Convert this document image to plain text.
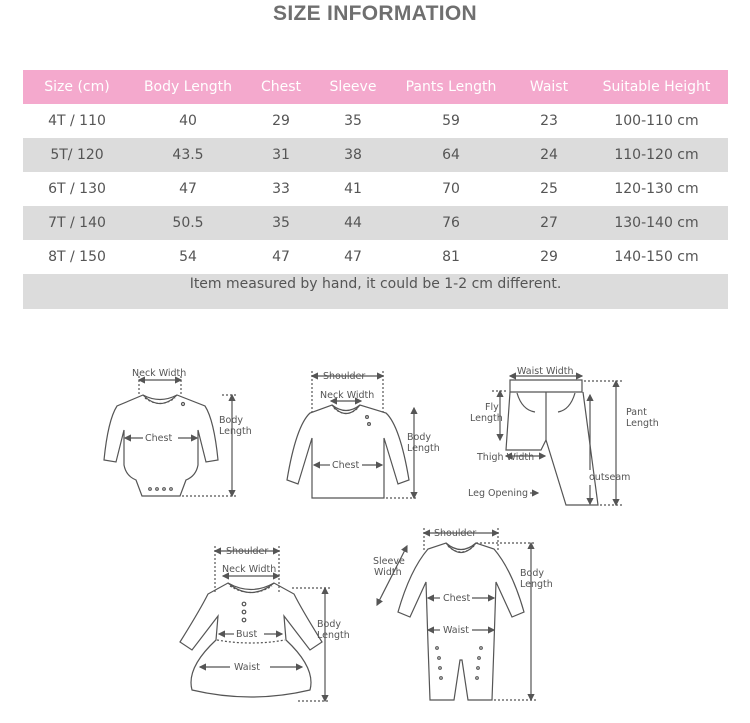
SIZE INFORMATION
Size (cm)	Body Length	Chest	Sleeve	Pants Length	Waist	Suitable Height
4T / 110	40	29	35	59	23	100-110 cm
5T/ 120	43.5	31	38	64	24	110-120 cm
6T / 130	47	33	41	70	25	120-130 cm
7T / 140	50.5	35	44	76	27	130-140 cm
8T / 150	54	47	47	81	29	140-150 cm
Item measured by hand, it could be 1-2 cm different.						
Neck Width
Chest
Body
Length
Shoulder
Neck Width
Chest
Body
Length
Waist Width
Fly
Length
Pant
Length
Thigh Width
outseam
Leg Opening
Shoulder
Neck Width
Bust
Waist
Body
Length
Shoulder
Sleeve
Width
Chest
Waist
Body
Length
